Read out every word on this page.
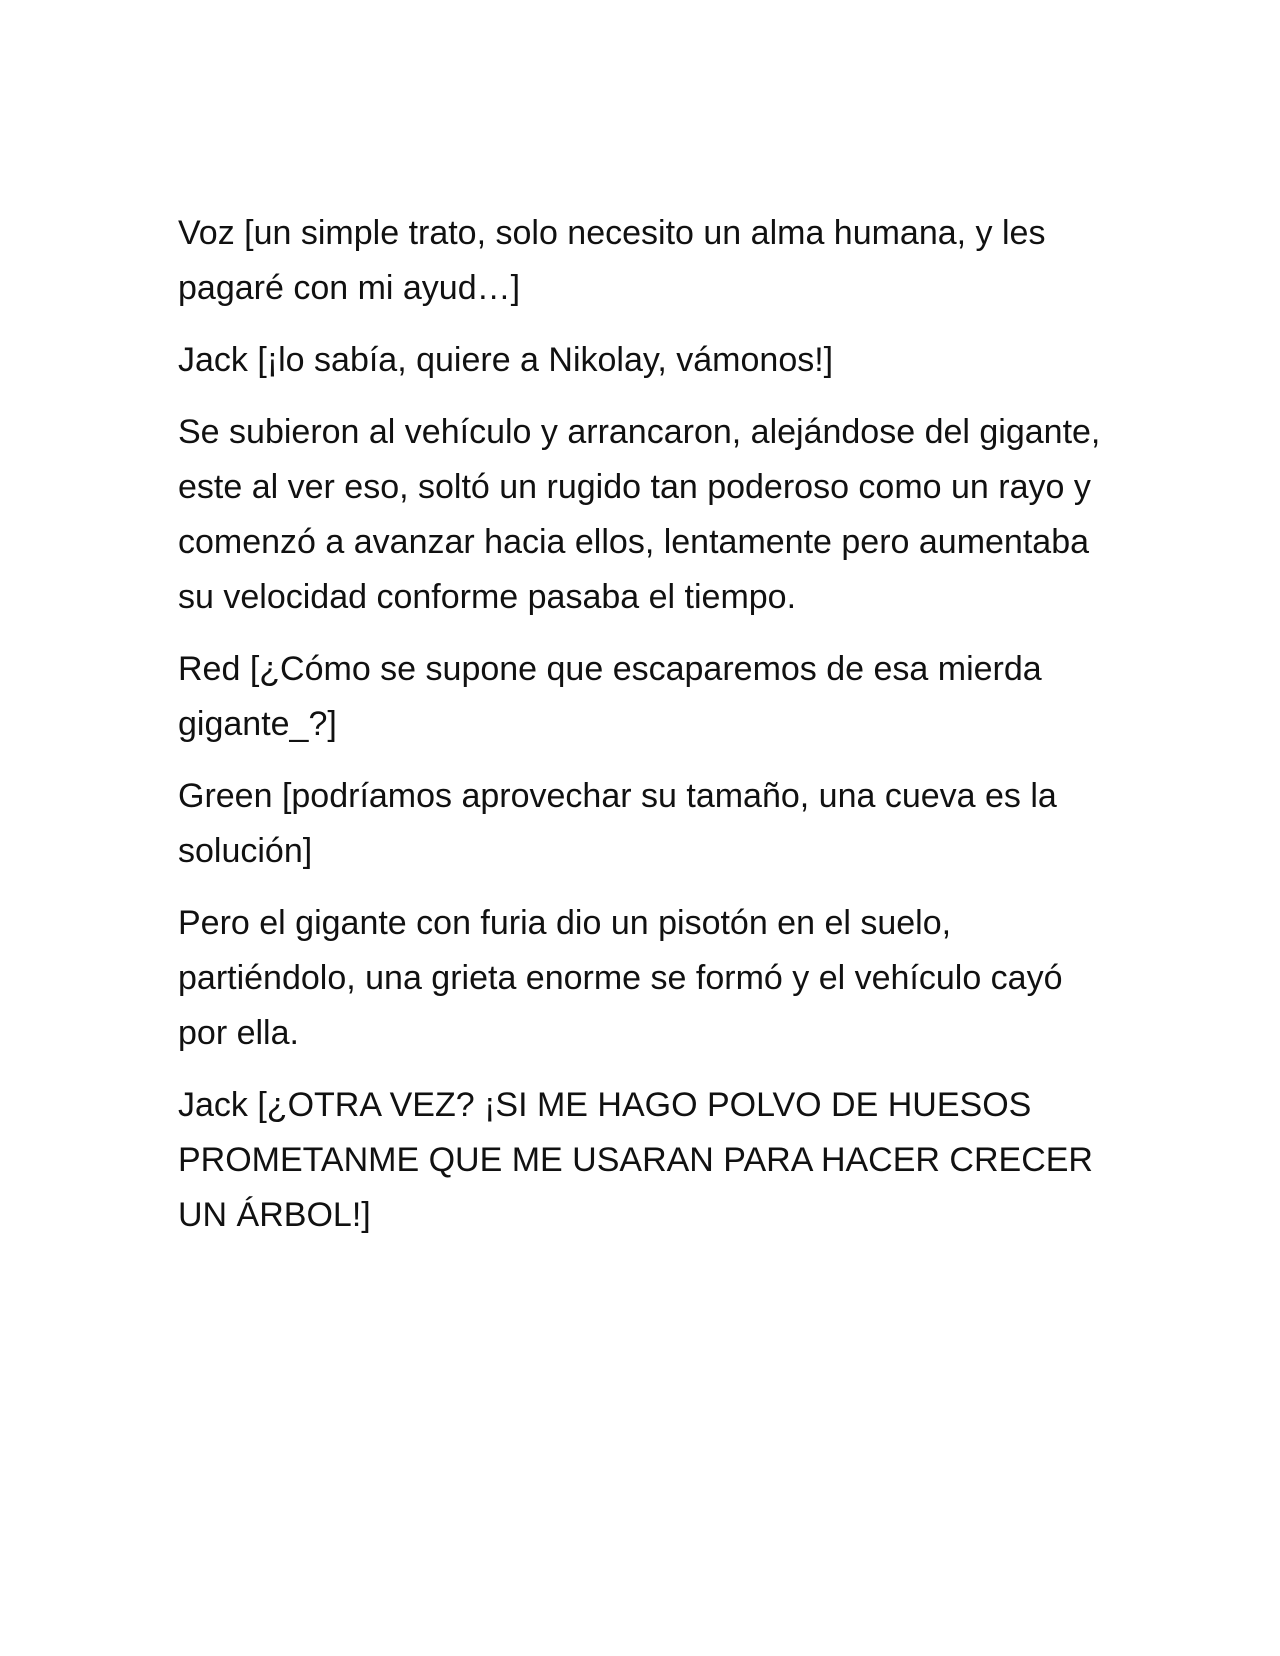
Voz [un simple trato, solo necesito un alma humana, y les pagaré con mi ayud…]

Jack [¡lo sabía, quiere a Nikolay, vámonos!]

Se subieron al vehículo y arrancaron, alejándose del gigante, este al ver eso, soltó un rugido tan poderoso como un rayo y comenzó a avanzar hacia ellos, lentamente pero aumentaba su velocidad conforme pasaba el tiempo.

Red [¿Cómo se supone que escaparemos de esa mierda gigante_?]

Green [podríamos aprovechar su tamaño, una cueva es la solución]

Pero el gigante con furia dio un pisotón en el suelo, partiéndolo, una grieta enorme se formó y el vehículo cayó por ella.

Jack [¿OTRA VEZ? ¡SI ME HAGO POLVO DE HUESOS PROMETANME QUE ME USARAN PARA HACER CRECER UN ÁRBOL!]
